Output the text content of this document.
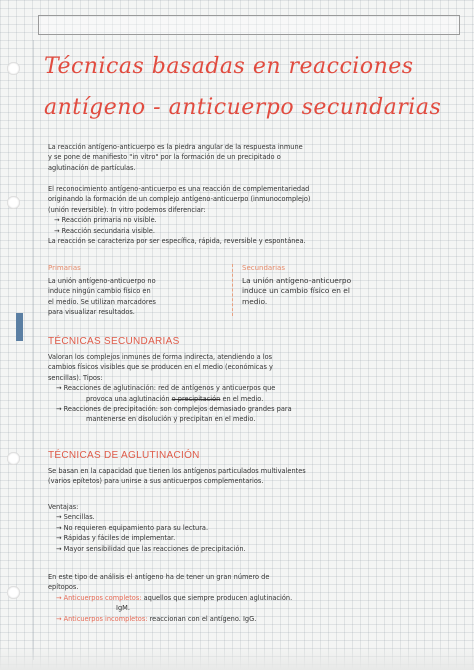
Técnicas basadas en reacciones
antígeno - anticuerpo secundarias
La reacción antígeno-anticuerpo es la piedra angular de la respuesta inmune
y se pone de manifiesto "in vitro" por la formación de un precipitado o
aglutinación de partículas.
El reconocimiento antígeno-anticuerpo es una reacción de complementariedad
originando la formación de un complejo antígeno-anticuerpo (inmunocomplejo)
(unión reversible). In vitro podemos diferenciar:
→ Reacción primaria no visible.
→ Reacción secundaria visible.
La reacción se caracteriza por ser específica, rápida, reversible y espontánea.
Primarias
La unión antígeno-anticuerpo no
induce ningún cambio físico en
el medio. Se utilizan marcadores
para visualizar resultados.
Secundarias
La unión antígeno-anticuerpo
induce un cambio físico en el
medio.
TÉCNICAS SECUNDARIAS
Valoran los complejos inmunes de forma indirecta, atendiendo a los
cambios físicos visibles que se producen en el medio (económicas y
sencillas). Tipos:
→ Reacciones de aglutinación: red de antígenos y anticuerpos que
provoca una aglutinación o precipitación en el medio.
→ Reacciones de precipitación: son complejos demasiado grandes para
mantenerse en disolución y precipitan en el medio.
TÉCNICAS DE AGLUTINACIÓN
Se basan en la capacidad que tienen los antígenos particulados multivalentes
(varios epítetos) para unirse a sus anticuerpos complementarios.
Ventajas:
→ Sencillas.
→ No requieren equipamiento para su lectura.
→ Rápidas y fáciles de implementar.
→ Mayor sensibilidad que las reacciones de precipitación.
En este tipo de análisis el antígeno ha de tener un gran número de
epítopos.
→ Anticuerpos completos: aquellos que siempre producen aglutinación.
IgM.
→ Anticuerpos incompletos: reaccionan con el antígeno. IgG.
